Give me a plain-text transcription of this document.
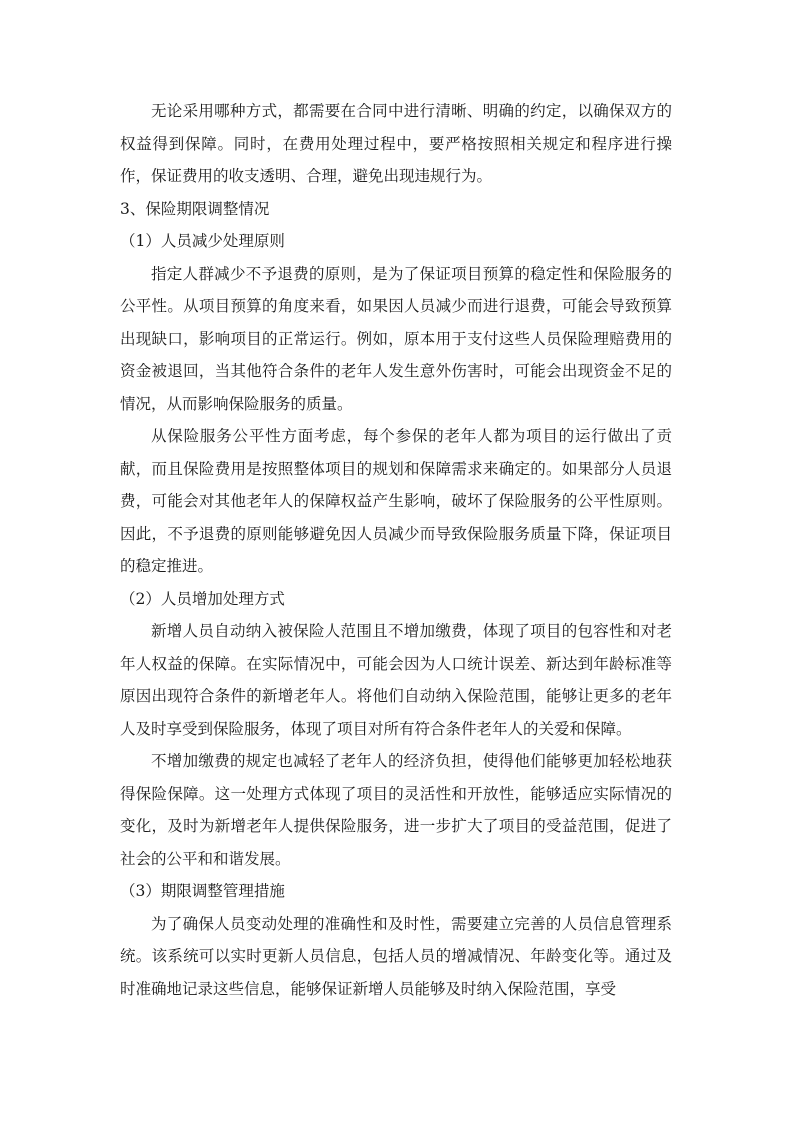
无论采用哪种方式，都需要在合同中进行清晰、明确的约定，以确保双方的权益得到保障。同时，在费用处理过程中，要严格按照相关规定和程序进行操作，保证费用的收支透明、合理，避免出现违规行为。

3、保险期限调整情况

（1）人员减少处理原则

指定人群减少不予退费的原则，是为了保证项目预算的稳定性和保险服务的公平性。从项目预算的角度来看，如果因人员减少而进行退费，可能会导致预算出现缺口，影响项目的正常运行。例如，原本用于支付这些人员保险理赔费用的资金被退回，当其他符合条件的老年人发生意外伤害时，可能会出现资金不足的情况，从而影响保险服务的质量。

从保险服务公平性方面考虑，每个参保的老年人都为项目的运行做出了贡献，而且保险费用是按照整体项目的规划和保障需求来确定的。如果部分人员退费，可能会对其他老年人的保障权益产生影响，破坏了保险服务的公平性原则。因此，不予退费的原则能够避免因人员减少而导致保险服务质量下降，保证项目的稳定推进。

（2）人员增加处理方式

新增人员自动纳入被保险人范围且不增加缴费，体现了项目的包容性和对老年人权益的保障。在实际情况中，可能会因为人口统计误差、新达到年龄标准等原因出现符合条件的新增老年人。将他们自动纳入保险范围，能够让更多的老年人及时享受到保险服务，体现了项目对所有符合条件老年人的关爱和保障。

不增加缴费的规定也减轻了老年人的经济负担，使得他们能够更加轻松地获得保险保障。这一处理方式体现了项目的灵活性和开放性，能够适应实际情况的变化，及时为新增老年人提供保险服务，进一步扩大了项目的受益范围，促进了社会的公平和和谐发展。

（3）期限调整管理措施

为了确保人员变动处理的准确性和及时性，需要建立完善的人员信息管理系统。该系统可以实时更新人员信息，包括人员的增减情况、年龄变化等。通过及时准确地记录这些信息，能够保证新增人员能够及时纳入保险范围，享受
